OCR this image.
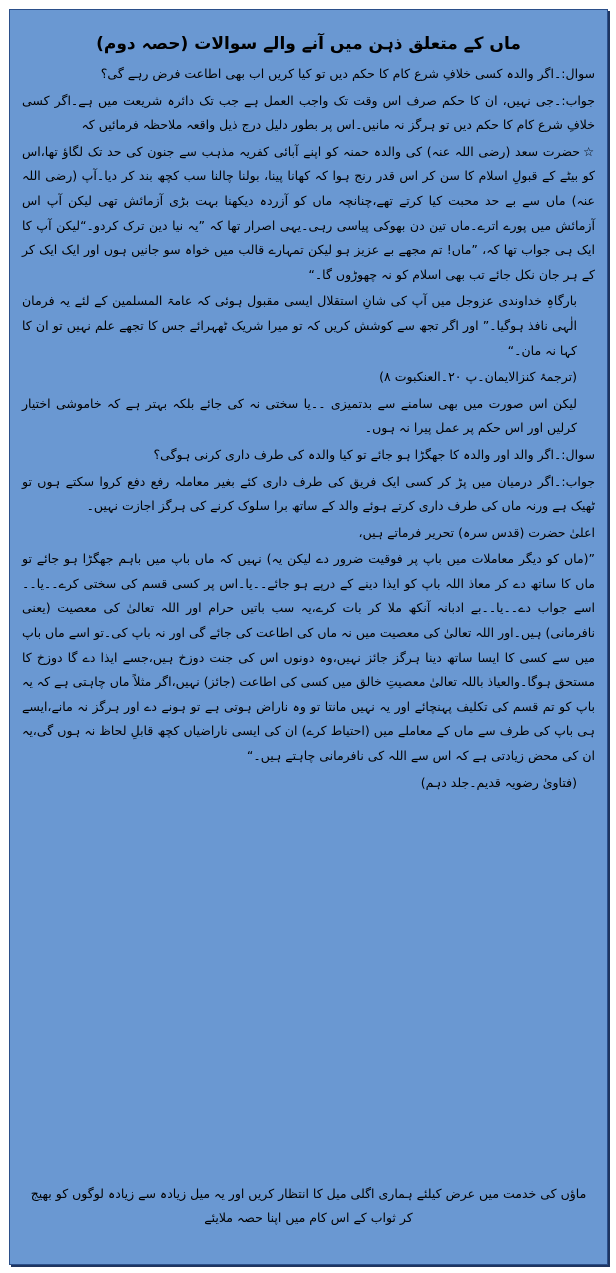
ماں کے متعلق ذہن میں آنے والے سوالات (حصہ دوم)

سوال:۔اگر والدہ کسی خلافِ شرع کام کا حکم دیں تو کیا کریں اب بھی اطاعت فرض رہے گی؟

جواب:۔جی نہیں، ان کا حکم صرف اس وقت تک واجب العمل ہے جب تک دائرہ شریعت میں ہے۔اگر کسی خلافِ شرع کام کا حکم دیں تو ہرگز نہ مانیں۔اس پر بطور دلیل درج ذیل واقعہ ملاحظہ فرمائیں کہ

☆حضرت سعد (رضی اللہ عنہ) کی والدہ حمنہ کو اپنے آبائی کفریہ مذہب سے جنون کی حد تک لگاؤ تھا،اس کو بیٹے کے قبولِ اسلام کا سن کر اس قدر رنج ہوا کہ کھانا پینا، بولنا چالنا سب کچھ بند کر دیا۔آپ (رضی اللہ عنہ) ماں سے بے حد محبت کیا کرتے تھے،چنانچہ ماں کو آزردہ دیکھنا بہت بڑی آزمائش تھی لیکن آپ اس آزمائش میں پورے اترے۔ماں تین دن بھوکی پیاسی رہی۔یہی اصرار تھا کہ ”یہ نیا دین ترک کردو۔“لیکن آپ کا ایک ہی جواب تھا کہ، ”ماں! تم مجھے بے عزیز ہو لیکن تمہارے قالب میں خواہ سو جانیں ہوں اور ایک ایک کر کے ہر جان نکل جائے تب بھی اسلام کو نہ چھوڑوں گا۔“

بارگاہِ خداوندی عزوجل میں آپ کی شانِ استقلال ایسی مقبول ہوئی کہ عامۃ المسلمین کے لئے یہ فرمان الٰہی نافذ ہوگیا۔” اور اگر تجھ سے کوشش کریں کہ تو میرا شریک ٹھہرائے جس کا تجھے علم نہیں تو ان کا کہا نہ مان۔“

(ترجمۂ کنزالایمان۔پ ۲۰۔العنکبوت ۸)

لیکن اس صورت میں بھی سامنے سے بدتمیزی ۔۔یا سختی نہ کی جائے بلکہ بہتر ہے کہ خاموشی اختیار کرلیں اور اس حکم پر عمل پیرا نہ ہوں۔

سوال:۔اگر والد اور والدہ کا جھگڑا ہو جائے تو کیا والدہ کی طرف داری کرنی ہوگی؟

جواب:۔اگر درمیان میں پڑ کر کسی ایک فریق کی طرف داری کئے بغیر معاملہ رفع دفع کروا سکتے ہوں تو ٹھیک ہے ورنہ ماں کی طرف داری کرتے ہوئے والد کے ساتھ برا سلوک کرنے کی ہرگز اجازت نہیں۔

اعلیٰ حضرت (قدس سرہ) تحریر فرماتے ہیں،

”(ماں کو دیگر معاملات میں باپ پر فوقیت ضرور دے لیکن یہ) نہیں کہ ماں باپ میں باہم جھگڑا ہو جائے تو ماں کا ساتھ دے کر معاذ اللہ باپ کو ایذا دینے کے درپے ہو جائے۔۔یا۔اس پر کسی قسم کی سختی کرے۔۔یا۔۔اسے جواب دے۔۔یا۔۔بے ادبانہ آنکھ ملا کر بات کرے،یہ سب باتیں حرام اور اللہ تعالیٰ کی معصیت (یعنی نافرمانی) ہیں۔اور اللہ تعالیٰ کی معصیت میں نہ ماں کی اطاعت کی جائے گی اور نہ باپ کی۔تو اسے ماں باپ میں سے کسی کا ایسا ساتھ دینا ہرگز جائز نہیں،وہ دونوں اس کی جنت دوزخ ہیں،جسے ایذا دے گا دوزخ کا مستحق ہوگا۔والعیاذ باللہ تعالیٰ معصیتِ خالق میں کسی کی اطاعت (جائز) نہیں،اگر مثلاً ماں چاہتی ہے کہ یہ باپ کو تم قسم کی تکلیف پہنچائے اور یہ نہیں مانتا تو وہ ناراض ہوتی ہے تو ہونے دے اور ہرگز نہ مانے،ایسے ہی باپ کی طرف سے ماں کے معاملے میں (احتیاط کرے) ان کی ایسی ناراضیاں کچھ قابلِ لحاظ نہ ہوں گی،یہ ان کی محض زیادتی ہے کہ اس سے اللہ کی نافرمانی چاہتے ہیں۔“

(فتاویٰ رضویہ قدیم۔جلد دہم)

ماؤں کی خدمت میں عرض کیلئے ہماری اگلی میل کا انتظار کریں اور یہ میل زیادہ سے زیادہ لوگوں کو بھیج کر ثواب کے اس کام میں اپنا حصہ ملایئے
